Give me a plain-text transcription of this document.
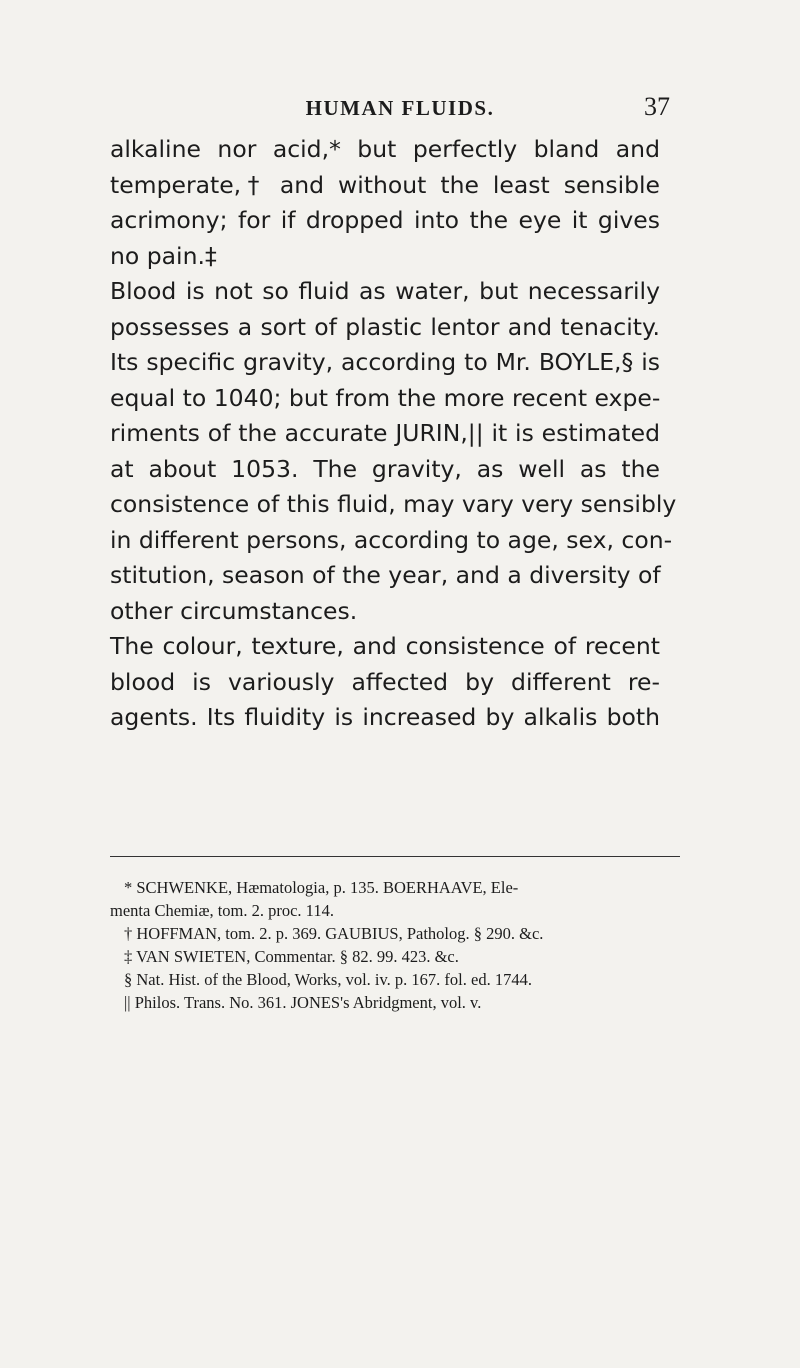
HUMAN FLUIDS.	37
alkaline nor acid,* but perfectly bland and
temperate,† and without the least sensible
acrimony; for if dropped into the eye it gives
no pain.‡
Blood is not so fluid as water, but necessarily
possesses a sort of plastic lentor and tenacity.
Its specific gravity, according to Mr. BOYLE,§ is
equal to 1040; but from the more recent expe-
riments of the accurate JURIN,|| it is estimated
at about 1053. The gravity, as well as the
consistence of this fluid, may vary very sensibly
in different persons, according to age, sex, con-
stitution, season of the year, and a diversity of
other circumstances.
The colour, texture, and consistence of recent
blood is variously affected by different re-
agents. Its fluidity is increased by alkalis both
* SCHWENKE, Hæmatologia, p. 135. BOERHAAVE, Ele-
menta Chemiæ, tom. 2. proc. 114.
† HOFFMAN, tom. 2. p. 369. GAUBIUS, Patholog. § 290. &c.
‡ VAN SWIETEN, Commentar. § 82. 99. 423. &c.
§ Nat. Hist. of the Blood, Works, vol. iv. p. 167. fol. ed. 1744.
|| Philos. Trans. No. 361. JONES's Abridgment, vol. v.
